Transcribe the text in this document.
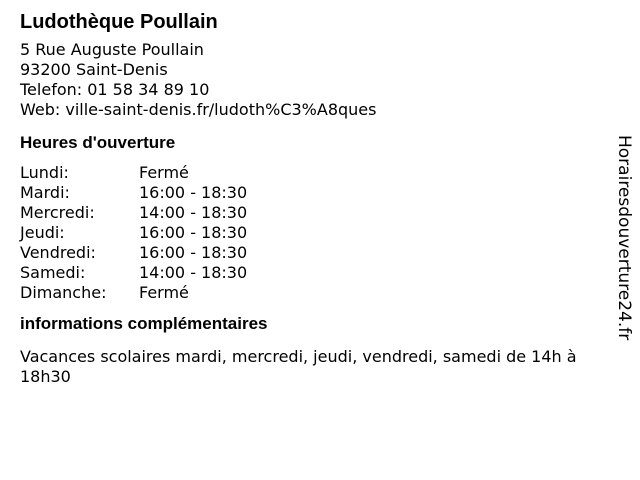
Ludothèque Poullain
5 Rue Auguste Poullain
93200 Saint-Denis
Telefon: 01 58 34 89 10
Web: ville-saint-denis.fr/ludoth%C3%A8ques
Heures d'ouverture
Lundi:	Fermé
Mardi:	16:00 - 18:30
Mercredi:	14:00 - 18:30
Jeudi:	16:00 - 18:30
Vendredi:	16:00 - 18:30
Samedi:	14:00 - 18:30
Dimanche:	Fermé
informations complémentaires
Vacances scolaires mardi, mercredi, jeudi, vendredi, samedi de 14h à 18h30
Horairesdouverture24.fr
